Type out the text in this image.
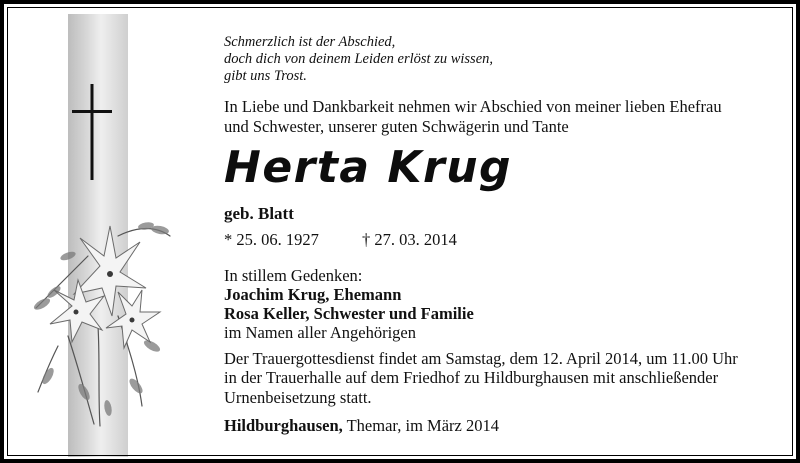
Schmerzlich ist der Abschied,
doch dich von deinem Leiden erlöst zu wissen,
gibt uns Trost.

In Liebe und Dankbarkeit nehmen wir Abschied von meiner lieben Ehefrau
und Schwester, unserer guten Schwägerin und Tante

Herta Krug

geb. Blatt

* 25. 06. 1927	† 27. 03. 2014

In stillem Gedenken:
Joachim Krug, Ehemann
Rosa Keller, Schwester und Familie
im Namen aller Angehörigen

Der Trauergottesdienst findet am Samstag, dem 12. April 2014, um 11.00 Uhr
in der Trauerhalle auf dem Friedhof zu Hildburghausen mit anschließender
Urnenbeisetzung statt.

Hildburghausen, Themar, im März 2014
